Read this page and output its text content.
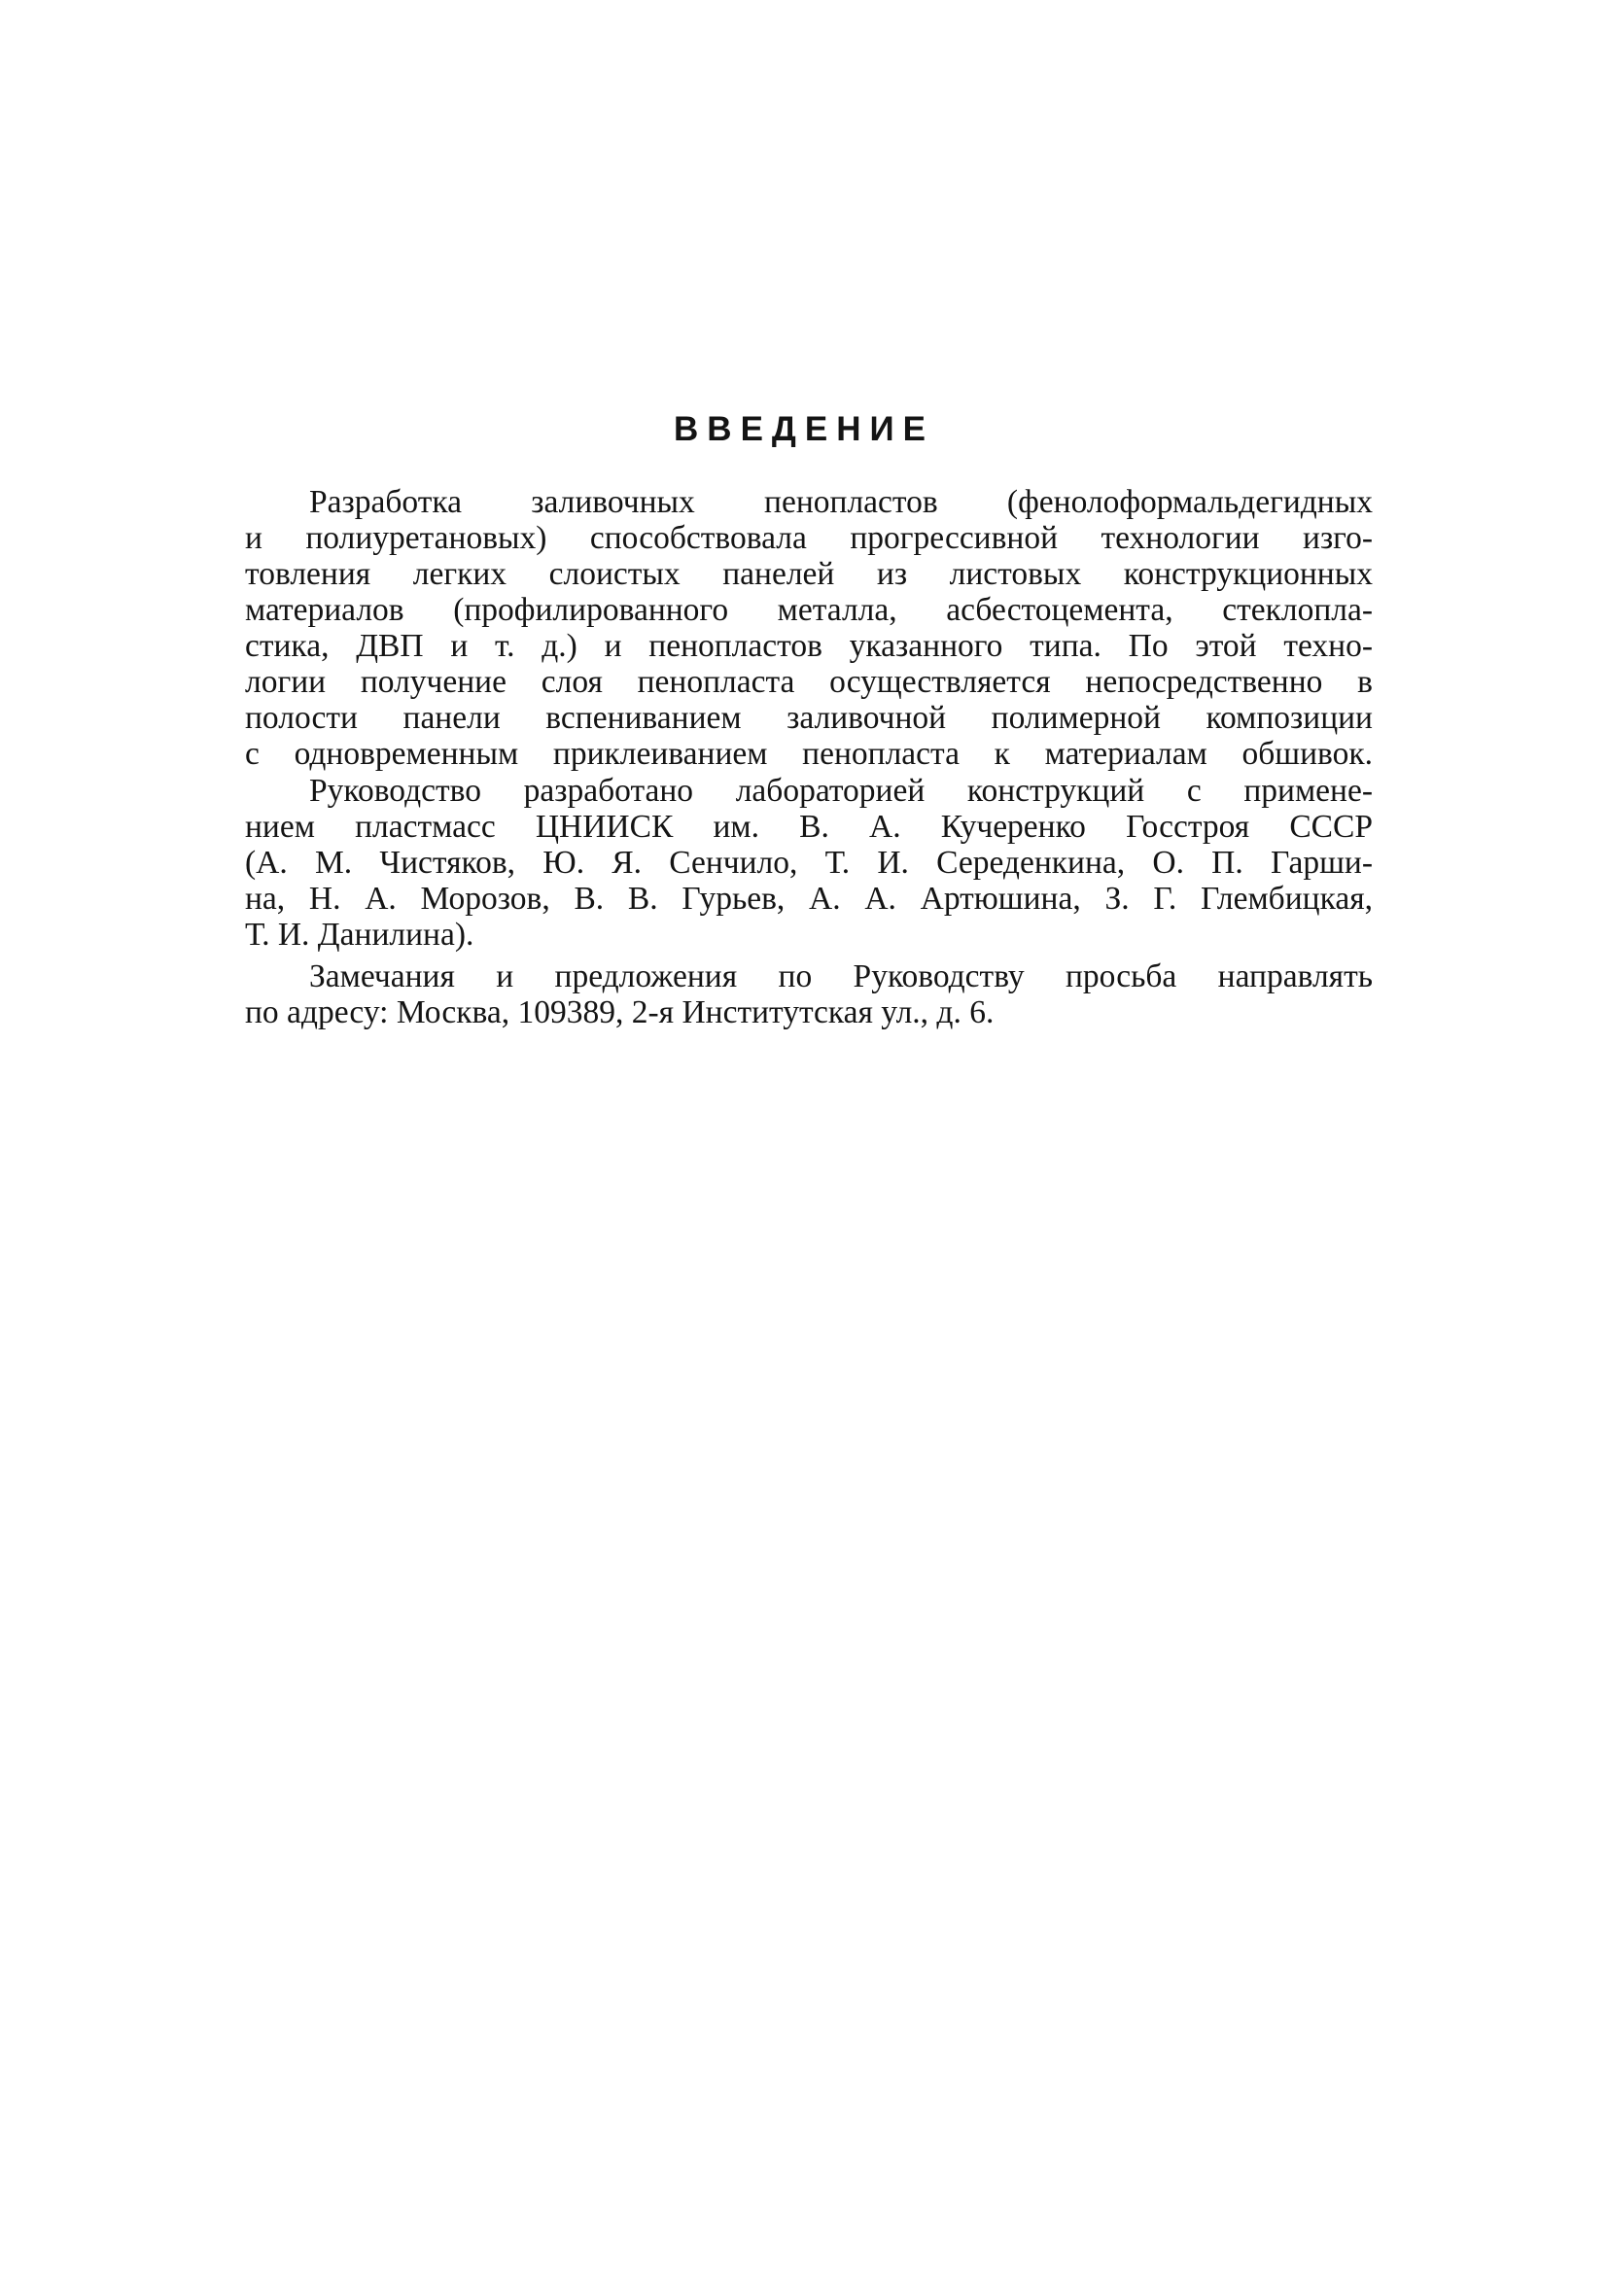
ВВЕДЕНИЕ
Разработка заливочных пенопластов (фенолоформальдегидных
и полиуретановых) способствовала прогрессивной технологии изго-
товления легких слоистых панелей из листовых конструкционных
материалов (профилированного металла, асбестоцемента, стеклопла-
стика, ДВП и т. д.) и пенопластов указанного типа. По этой техно-
логии получение слоя пенопласта осуществляется непосредственно в
полости панели вспениванием заливочной полимерной композиции
с одновременным приклеиванием пенопласта к материалам обшивок.
Руководство разработано лабораторией конструкций с примене-
нием пластмасс ЦНИИСК им. В. А. Кучеренко Госстроя СССР
(А. М. Чистяков, Ю. Я. Сенчило, Т. И. Середенкина, О. П. Гарши-
на, Н. А. Морозов, В. В. Гурьев, А. А. Артюшина, З. Г. Глембицкая,
Т. И. Данилина).
Замечания и предложения по Руководству просьба направлять
по адресу: Москва, 109389, 2-я Институтская ул., д. 6.
